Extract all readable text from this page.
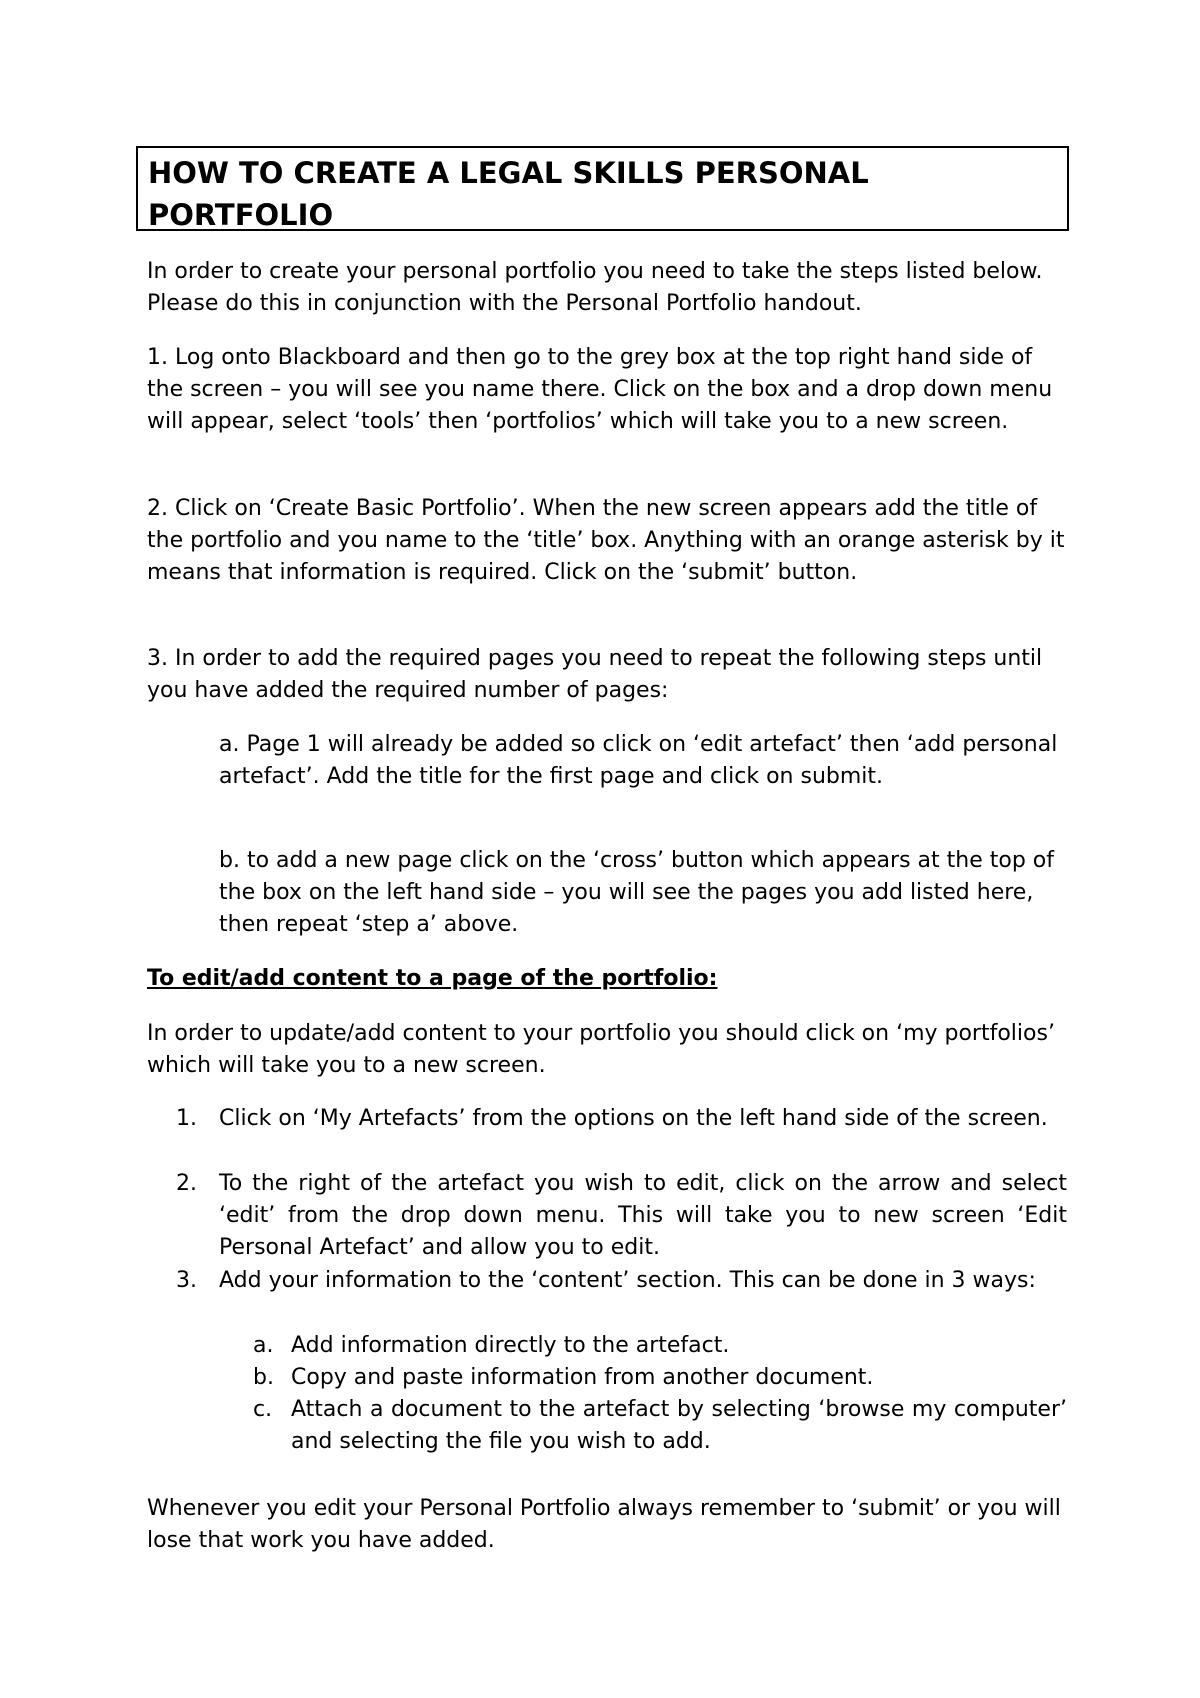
HOW TO CREATE A LEGAL SKILLS PERSONAL PORTFOLIO

In order to create your personal portfolio you need to take the steps listed below. Please do this in conjunction with the Personal Portfolio handout.

1. Log onto Blackboard and then go to the grey box at the top right hand side of the screen – you will see you name there. Click on the box and a drop down menu will appear, select ‘tools’ then ‘portfolios’ which will take you to a new screen.

2. Click on ‘Create Basic Portfolio’. When the new screen appears add the title of the portfolio and you name to the ‘title’ box. Anything with an orange asterisk by it means that information is required. Click on the ‘submit’ button.

3. In order to add the required pages you need to repeat the following steps until you have added the required number of pages:

a. Page 1 will already be added so click on ‘edit artefact’ then ‘add personal artefact’. Add the title for the first page and click on submit.

b. to add a new page click on the ‘cross’ button which appears at the top of the box on the left hand side – you will see the pages you add listed here, then repeat ‘step a’ above.

To edit/add content to a page of the portfolio:

In order to update/add content to your portfolio you should click on ‘my portfolios’ which will take you to a new screen.

1. Click on ‘My Artefacts’ from the options on the left hand side of the screen.
2. To the right of the artefact you wish to edit, click on the arrow and select ‘edit’ from the drop down menu. This will take you to new screen ‘Edit Personal Artefact’ and allow you to edit.
3. Add your information to the ‘content’ section. This can be done in 3 ways:
a. Add information directly to the artefact.
b. Copy and paste information from another document.
c. Attach a document to the artefact by selecting ‘browse my computer’ and selecting the file you wish to add.

Whenever you edit your Personal Portfolio always remember to ‘submit’ or you will lose that work you have added.
